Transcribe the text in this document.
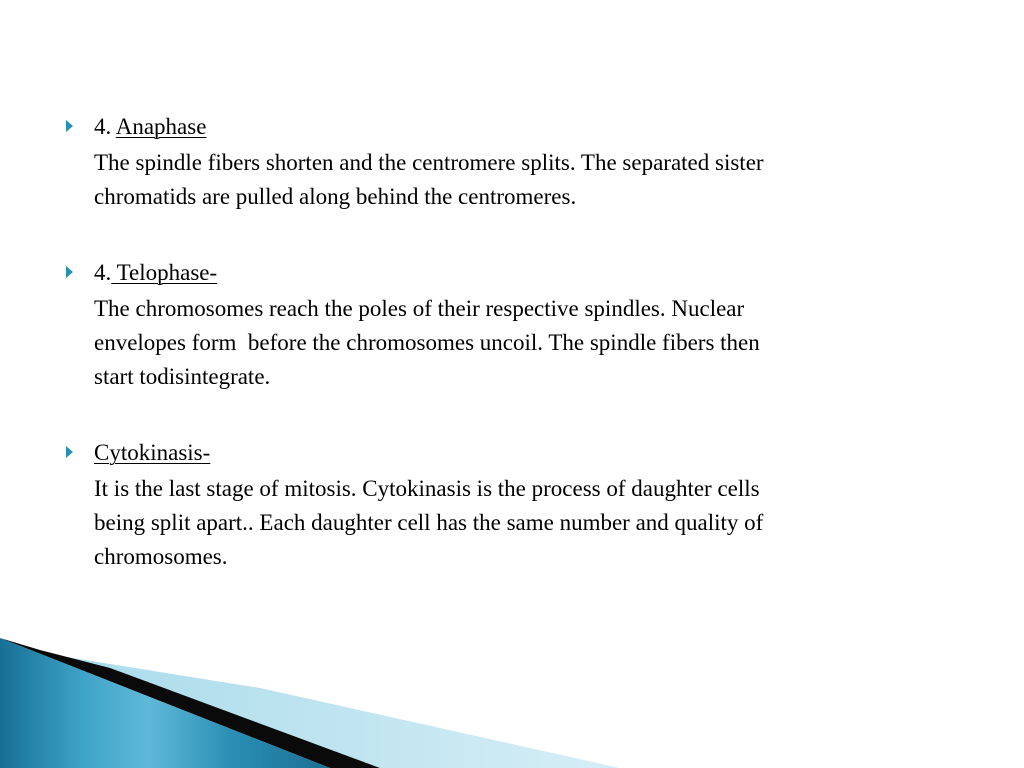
4. Anaphase

The spindle fibers shorten and the centromere splits. The separated sister
chromatids are pulled along behind the centromeres.

4. Telophase-

The chromosomes reach the poles of their respective spindles. Nuclear
envelopes form  before the chromosomes uncoil. The spindle fibers then
start todisintegrate.

Cytokinasis-

It is the last stage of mitosis. Cytokinasis is the process of daughter cells
being split apart.. Each daughter cell has the same number and quality of
chromosomes.
